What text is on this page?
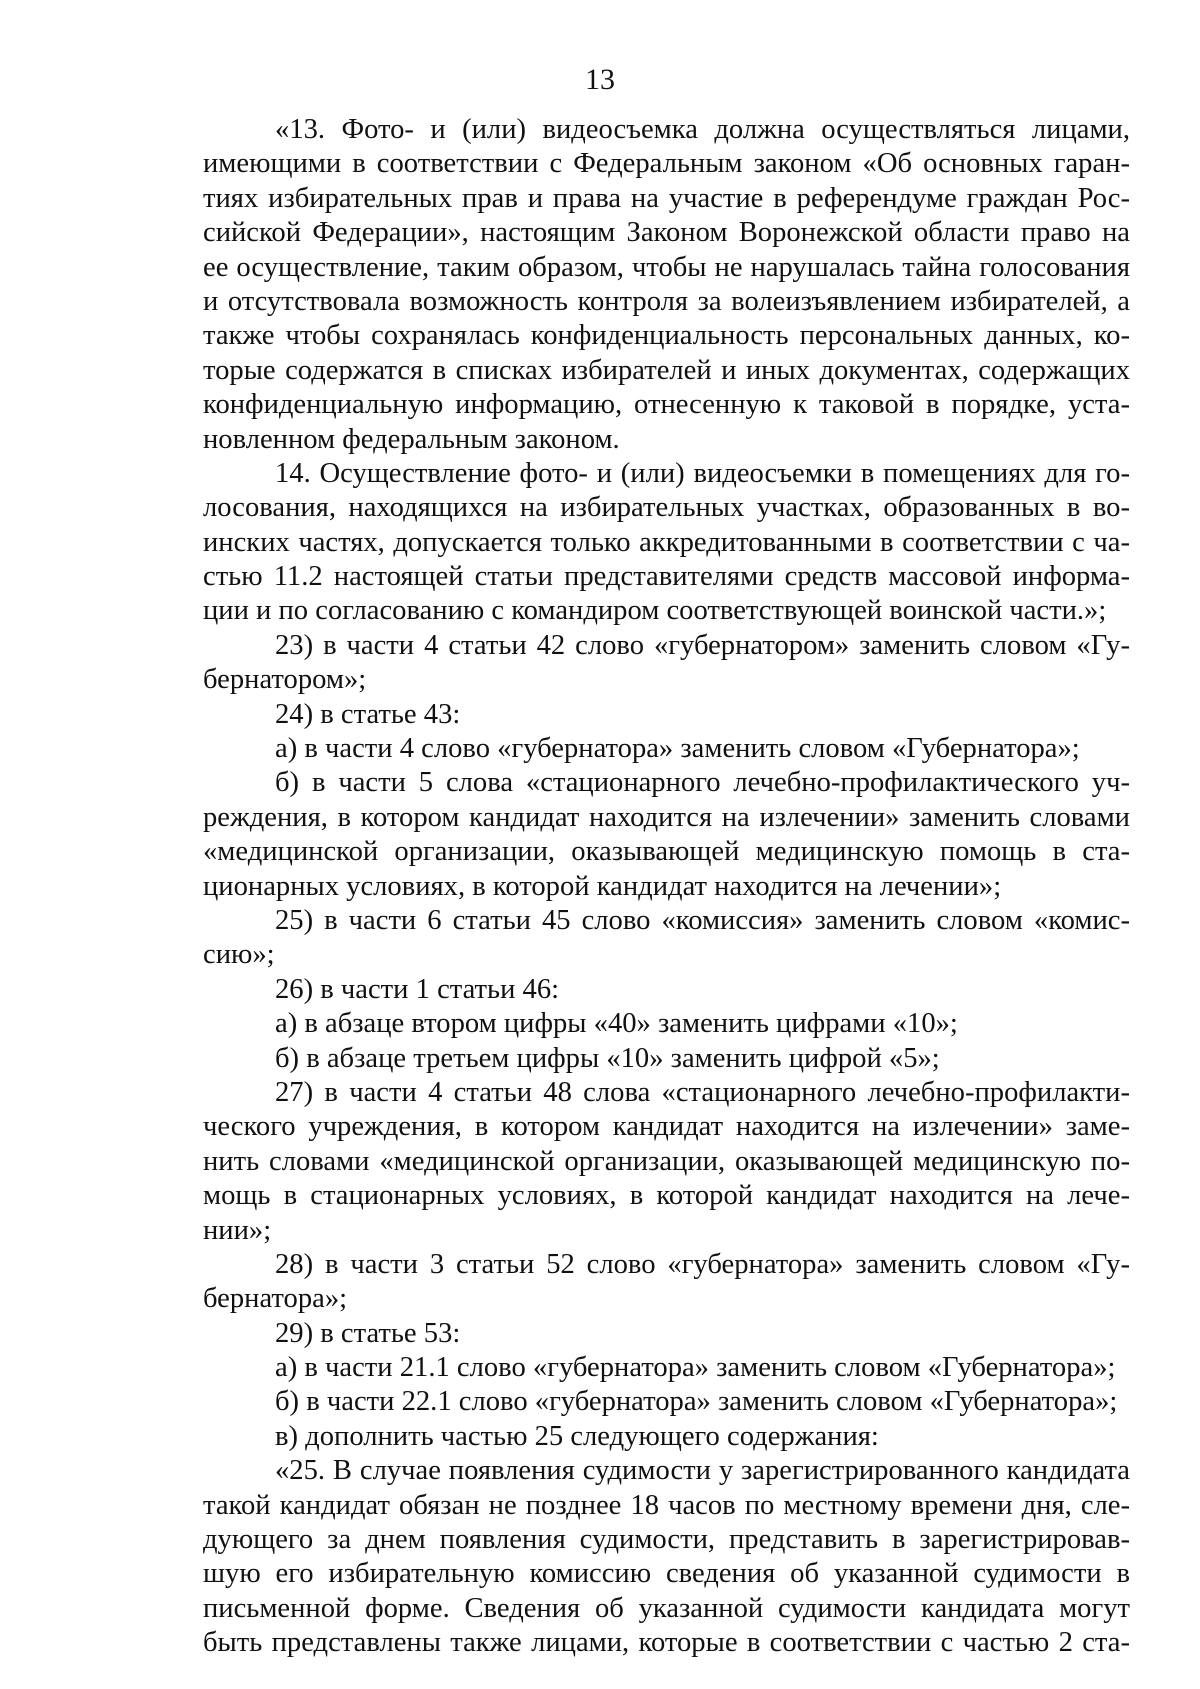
13
«13. Фото- и (или) видеосъемка должна осуществляться лицами,
имеющими в соответствии с Федеральным законом «Об основных гаран-
тиях избирательных прав и права на участие в референдуме граждан Рос-
сийской Федерации», настоящим Законом Воронежской области право на
ее осуществление, таким образом, чтобы не нарушалась тайна голосования
и отсутствовала возможность контроля за волеизъявлением избирателей, а
также чтобы сохранялась конфиденциальность персональных данных, ко-
торые содержатся в списках избирателей и иных документах, содержащих
конфиденциальную информацию, отнесенную к таковой в порядке, уста-
новленном федеральным законом.
14. Осуществление фото- и (или) видеосъемки в помещениях для го-
лосования, находящихся на избирательных участках, образованных в во-
инских частях, допускается только аккредитованными в соответствии с ча-
стью 11.2 настоящей статьи представителями средств массовой информа-
ции и по согласованию с командиром соответствующей воинской части.»;
23) в части 4 статьи 42 слово «губернатором» заменить словом «Гу-
бернатором»;
24) в статье 43:
а) в части 4 слово «губернатора» заменить словом «Губернатора»;
б) в части 5 слова «стационарного лечебно-профилактического уч-
реждения, в котором кандидат находится на излечении» заменить словами
«медицинской организации, оказывающей медицинскую помощь в ста-
ционарных условиях, в которой кандидат находится на лечении»;
25) в части 6 статьи 45 слово «комиссия» заменить словом «комис-
сию»;
26) в части 1 статьи 46:
а) в абзаце втором цифры «40» заменить цифрами «10»;
б) в абзаце третьем цифры «10» заменить цифрой «5»;
27) в части 4 статьи 48 слова «стационарного лечебно-профилакти-
ческого учреждения, в котором кандидат находится на излечении» заме-
нить словами «медицинской организации, оказывающей медицинскую по-
мощь в стационарных условиях, в которой кандидат находится на лече-
нии»;
28) в части 3 статьи 52 слово «губернатора» заменить словом «Гу-
бернатора»;
29) в статье 53:
а) в части 21.1 слово «губернатора» заменить словом «Губернатора»;
б) в части 22.1 слово «губернатора» заменить словом «Губернатора»;
в) дополнить частью 25 следующего содержания:
«25. В случае появления судимости у зарегистрированного кандидата
такой кандидат обязан не позднее 18 часов по местному времени дня, сле-
дующего за днем появления судимости, представить в зарегистрировав-
шую его избирательную комиссию сведения об указанной судимости в
письменной форме. Сведения об указанной судимости кандидата могут
быть представлены также лицами, которые в соответствии с частью 2 ста-
